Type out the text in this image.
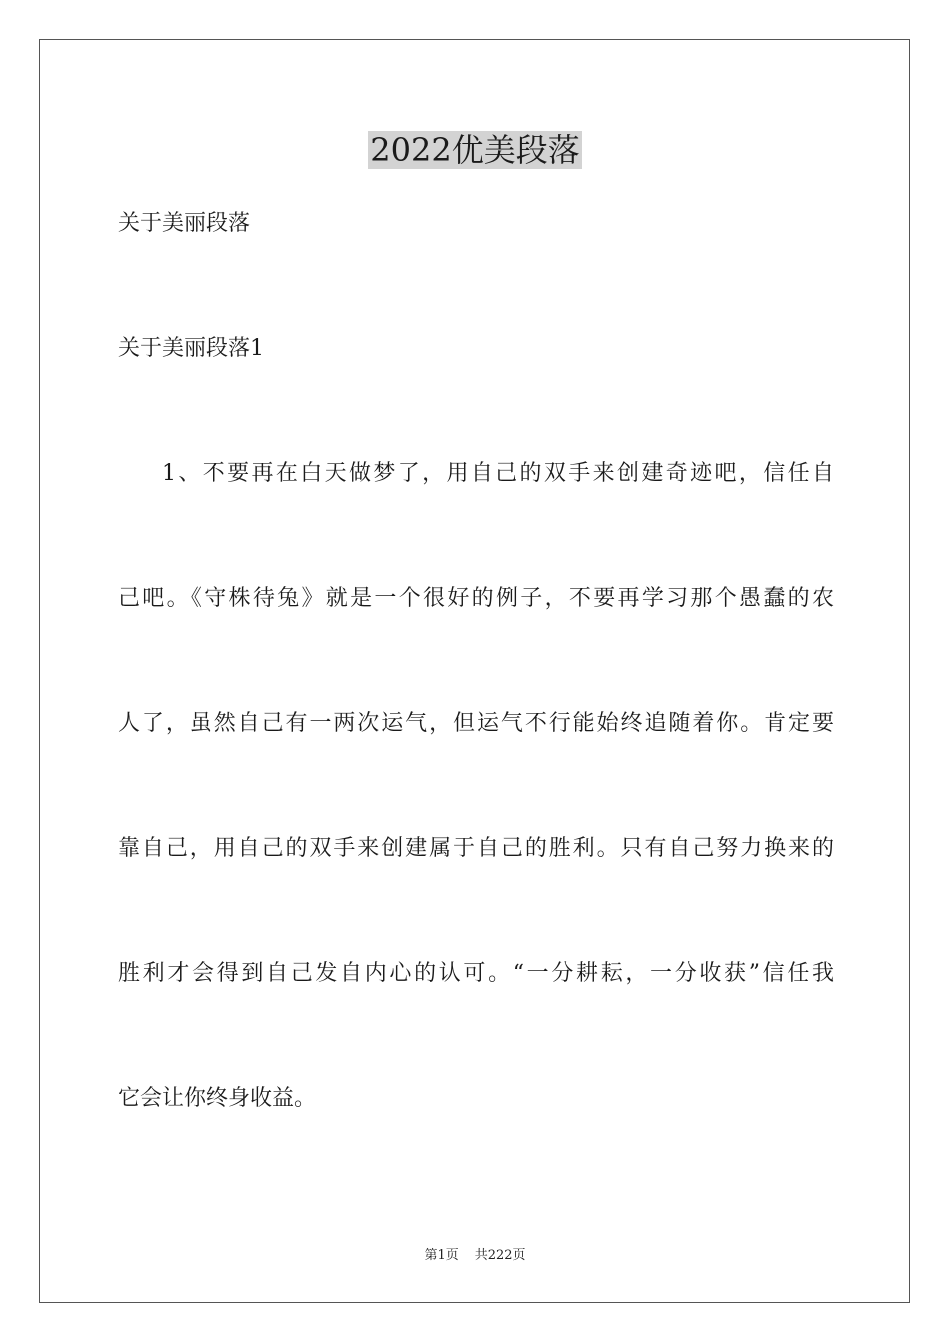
2022优美段落

关于美丽段落

关于美丽段落1

1、不要再在白天做梦了，用自己的双手来创建奇迹吧，信任自

己吧。《守株待兔》就是一个很好的例子，不要再学习那个愚蠢的农

人了，虽然自己有一两次运气，但运气不行能始终追随着你。肯定要

靠自己，用自己的双手来创建属于自己的胜利。只有自己努力换来的

胜利才会得到自己发自内心的认可。“一分耕耘，一分收获”信任我

它会让你终身收益。

第1页 共222页
